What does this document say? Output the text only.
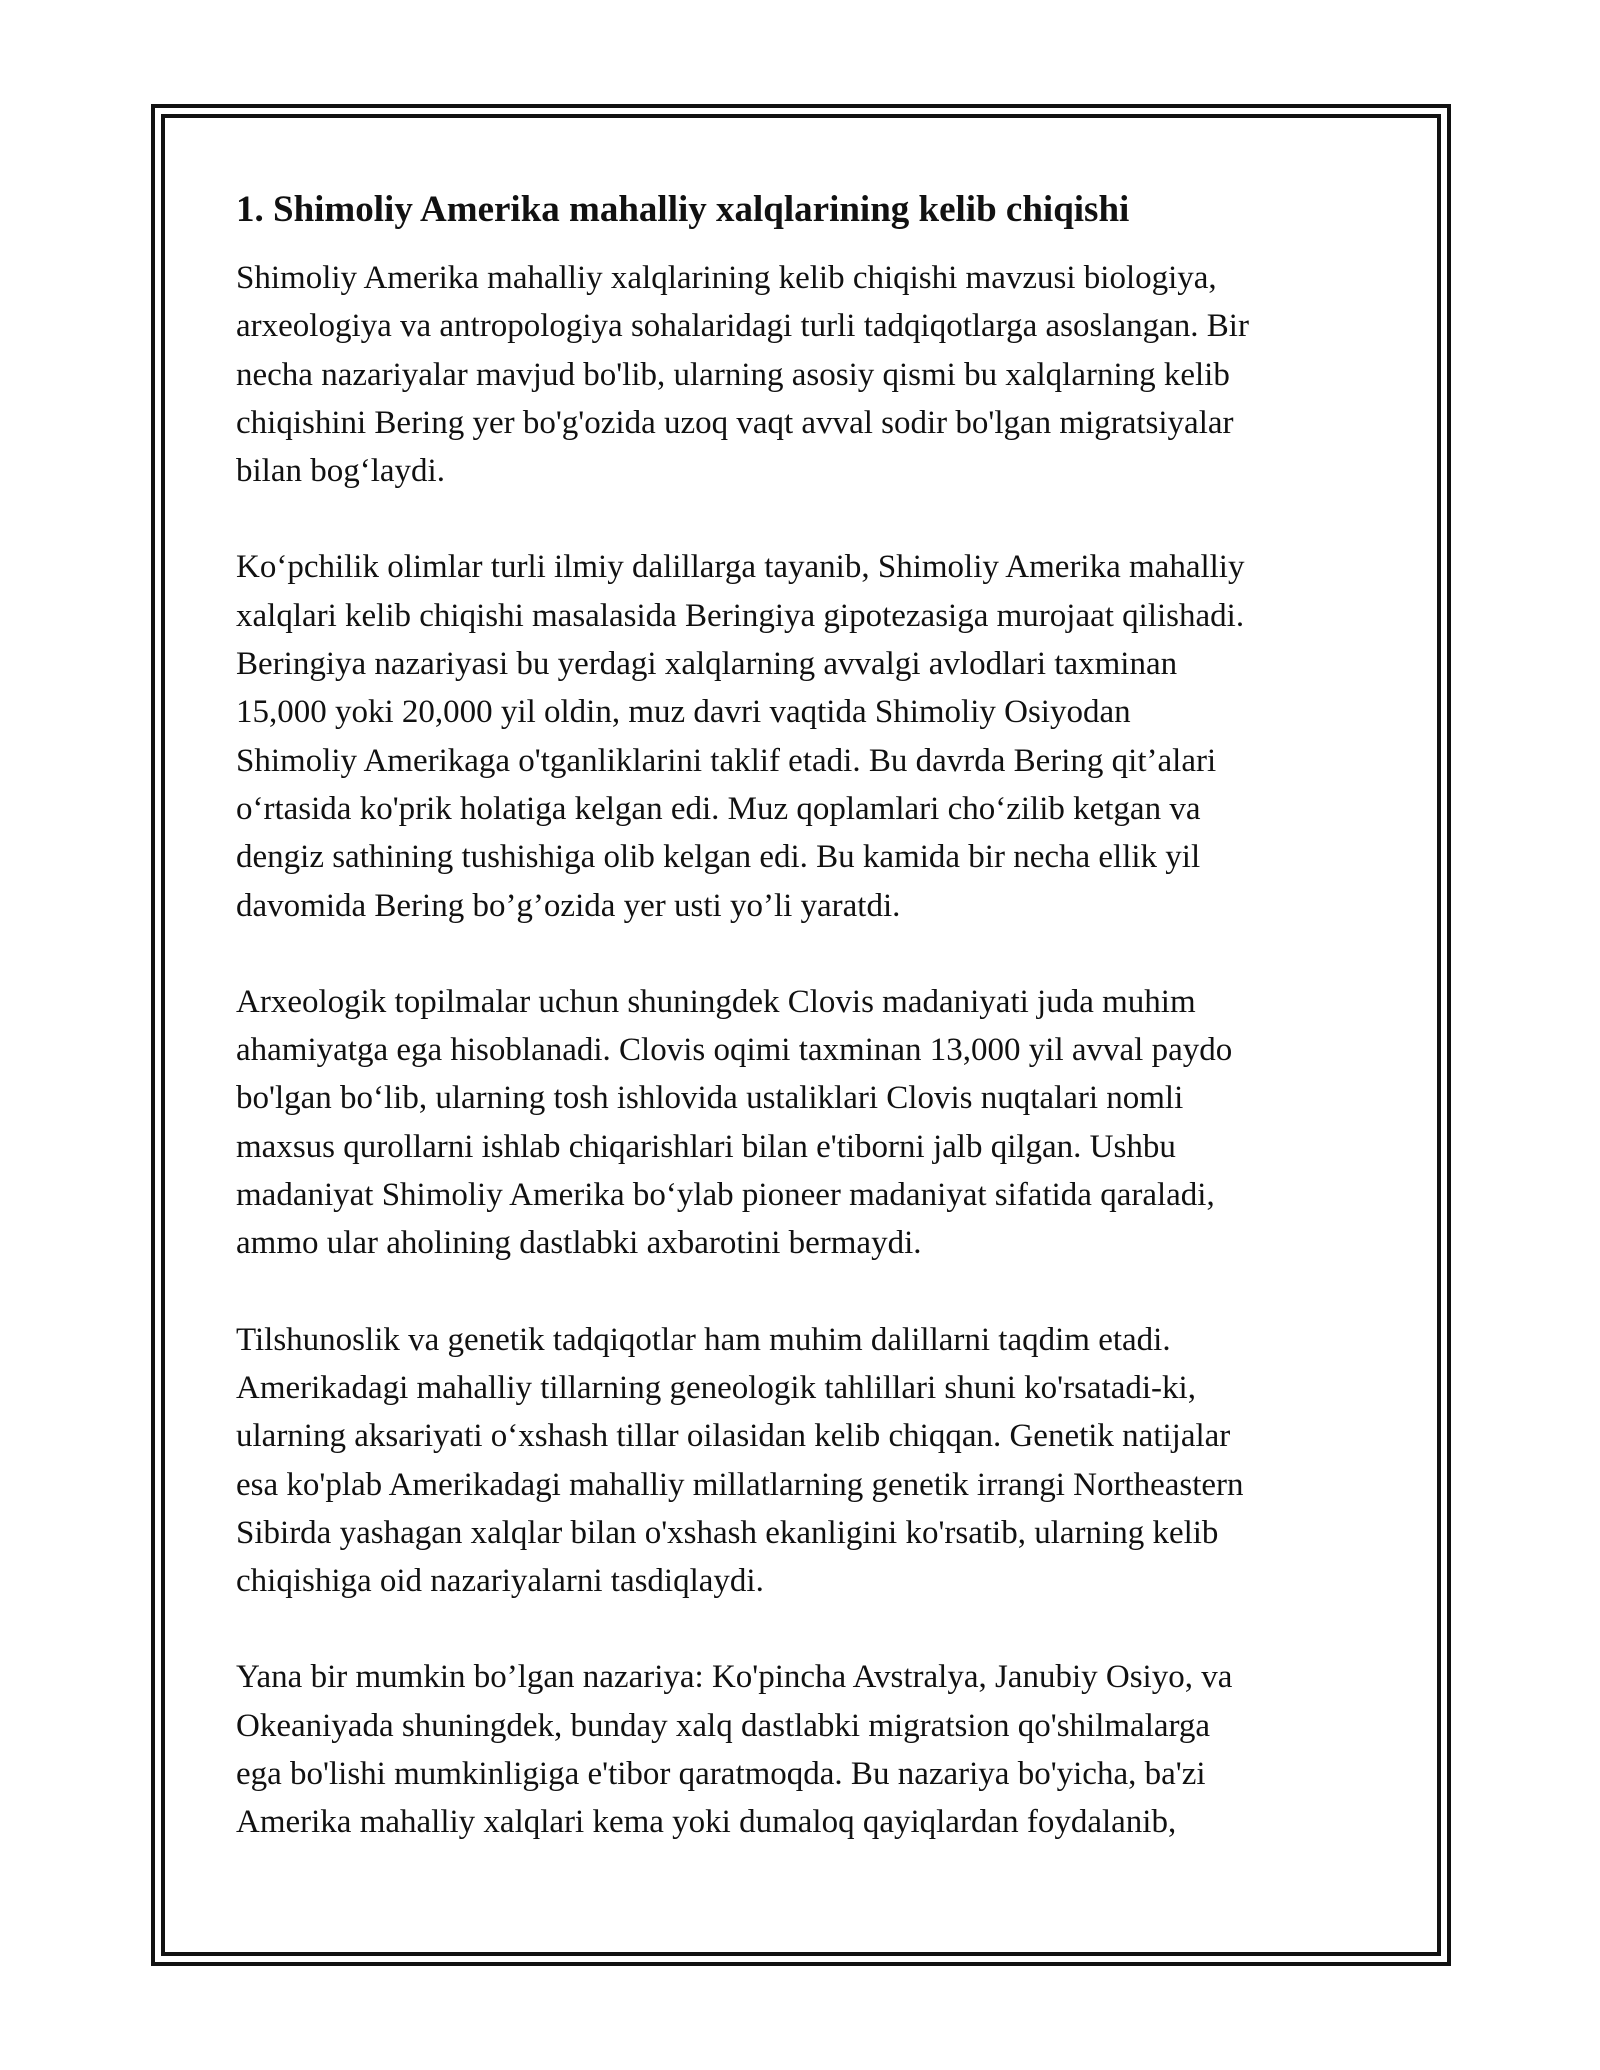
1. Shimoliy Amerika mahalliy xalqlarining kelib chiqishi
Shimoliy Amerika mahalliy xalqlarining kelib chiqishi mavzusi biologiya,
arxeologiya va antropologiya sohalaridagi turli tadqiqotlarga asoslangan. Bir
necha nazariyalar mavjud bo'lib, ularning asosiy qismi bu xalqlarning kelib
chiqishini Bering yer bo'g'ozida uzoq vaqt avval sodir bo'lgan migratsiyalar
bilan bog‘laydi.
Ko‘pchilik olimlar turli ilmiy dalillarga tayanib, Shimoliy Amerika mahalliy
xalqlari kelib chiqishi masalasida Beringiya gipotezasiga murojaat qilishadi.
Beringiya nazariyasi bu yerdagi xalqlarning avvalgi avlodlari taxminan
15,000 yoki 20,000 yil oldin, muz davri vaqtida Shimoliy Osiyodan
Shimoliy Amerikaga o'tganliklarini taklif etadi. Bu davrda Bering qit’alari
o‘rtasida ko'prik holatiga kelgan edi. Muz qoplamlari cho‘zilib ketgan va
dengiz sathining tushishiga olib kelgan edi. Bu kamida bir necha ellik yil
davomida Bering bo’g’ozida yer usti yo’li yaratdi.
Arxeologik topilmalar uchun shuningdek Clovis madaniyati juda muhim
ahamiyatga ega hisoblanadi. Clovis oqimi taxminan 13,000 yil avval paydo
bo'lgan bo‘lib, ularning tosh ishlovida ustaliklari Clovis nuqtalari nomli
maxsus qurollarni ishlab chiqarishlari bilan e'tiborni jalb qilgan. Ushbu
madaniyat Shimoliy Amerika bo‘ylab pioneer madaniyat sifatida qaraladi,
ammo ular aholining dastlabki axbarotini bermaydi.
Tilshunoslik va genetik tadqiqotlar ham muhim dalillarni taqdim etadi.
Amerikadagi mahalliy tillarning geneologik tahlillari shuni ko'rsatadi-ki,
ularning aksariyati o‘xshash tillar oilasidan kelib chiqqan. Genetik natijalar
esa ko'plab Amerikadagi mahalliy millatlarning genetik irrangi Northeastern
Sibirda yashagan xalqlar bilan o'xshash ekanligini ko'rsatib, ularning kelib
chiqishiga oid nazariyalarni tasdiqlaydi.
Yana bir mumkin bo’lgan nazariya: Ko'pincha Avstralya, Janubiy Osiyo, va
Okeaniyada shuningdek, bunday xalq dastlabki migratsion qo'shilmalarga
ega bo'lishi mumkinligiga e'tibor qaratmoqda. Bu nazariya bo'yicha, ba'zi
Amerika mahalliy xalqlari kema yoki dumaloq qayiqlardan foydalanib,
